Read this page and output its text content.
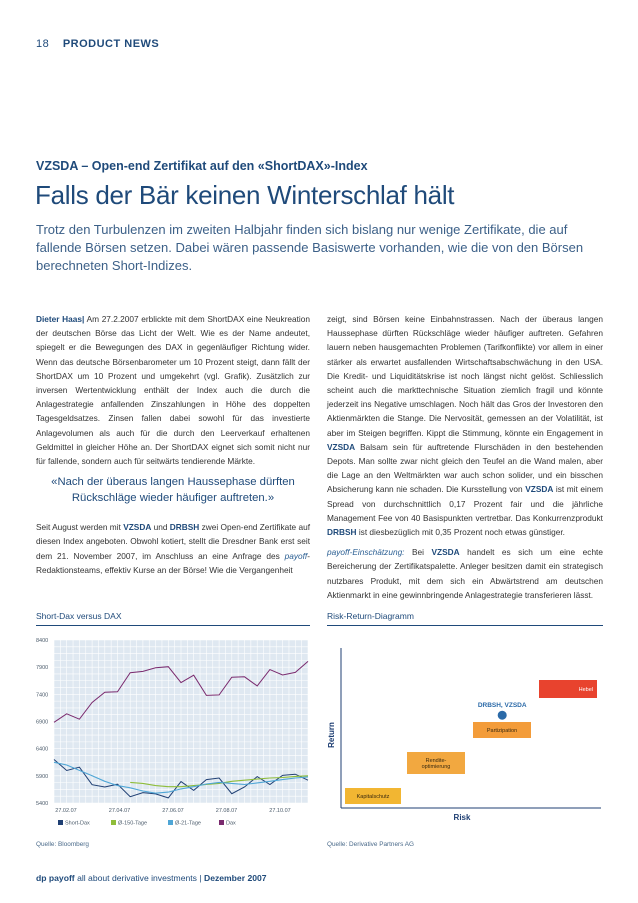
18 PRODUCT NEWS
VZSDA – Open-end Zertifikat auf den «ShortDAX»-Index
Falls der Bär keinen Winterschlaf hält
Trotz den Turbulenzen im zweiten Halbjahr finden sich bislang nur wenige Zertifikate, die auf fallende Börsen setzen. Dabei wären passende Basiswerte vorhanden, wie die von den Börsen berechneten Short-Indizes.

Dieter Haas| Am 27.2.2007 erblickte mit dem ShortDAX eine Neukreation der deutschen Börse das Licht der Welt. Wie es der Name andeutet, spiegelt er die Bewegungen des DAX in gegenläufiger Richtung wider. Wenn das deutsche Börsenbarometer um 10 Prozent steigt, dann fällt der ShortDAX um 10 Prozent und umgekehrt (vgl. Grafik). Zusätzlich zur inversen Wertentwicklung enthält der Index auch die durch die Anlagestrategie anfallenden Zinszahlungen in Höhe des doppelten Tagesgeldsatzes. Zinsen fallen dabei sowohl für das investierte Anlagevolumen als auch für die durch den Leerverkauf erhaltenen Geldmittel in gleicher Höhe an. Der ShortDAX eignet sich somit nicht nur für fallende, sondern auch für seitwärts tendierende Märkte.

«Nach der überaus langen Haussephase dürften Rückschläge wieder häufiger auftreten.»

Seit August werden mit VZSDA und DRBSH zwei Open-end Zertifikate auf diesen Index angeboten. Obwohl kotiert, stellt die Dresdner Bank erst seit dem 21. November 2007, im Anschluss an eine Anfrage des payoff-Redaktionsteams, effektiv Kurse an der Börse! Wie die Vergangenheit

zeigt, sind Börsen keine Einbahnstrassen. Nach der überaus langen Haussephase dürften Rückschläge wieder häufiger auftreten. Gefahren lauern neben hausgemachten Problemen (Tarifkonflikte) vor allem in einer stärker als erwartet ausfallenden Wirtschaftsabschwächung in den USA. Die Kredit- und Liquiditätskrise ist noch längst nicht gelöst. Schliesslich scheint auch die markttechnische Situation ziemlich fragil und könnte jederzeit ins Negative umschlagen. Noch hält das Gros der Investoren den Aktienmärkten die Stange. Die Nervosität, gemessen an der Volatilität, ist aber im Steigen begriffen. Kippt die Stimmung, könnte ein Engagement in VZSDA Balsam sein für auftretende Flurschäden in den bestehenden Depots. Man sollte zwar nicht gleich den Teufel an die Wand malen, aber die Lage an den Weltmärkten war auch schon solider, und ein bisschen Absicherung kann nie schaden. Die Kursstellung von VZSDA ist mit einem Spread von durchschnittlich 0,17 Prozent fair und die jährliche Management Fee von 40 Basispunkten vertretbar. Das Konkurrenzprodukt DRBSH ist diesbezüglich mit 0,35 Prozent noch etwas günstiger.

payoff-Einschätzung: Bei VZSDA handelt es sich um eine echte Bereicherung der Zertifikatspalette. Anleger besitzen damit ein strategisch nutzbares Produkt, mit dem sich ein Abwärtstrend am deutschen Aktienmarkt in eine gewinnbringende Anlagestrategie transferieren lässt.

Short-Dax versus DAX	Risk-Return-Diagramm
8400
7900
7400
6900
6400
5900
5400
27.02.07	27.04.07	27.06.07	27.08.07	27.10.07
Short-Dax	Ø-150-Tage	Ø-21-Tage	Dax
Risk
Return
Kapitalschutz
Rendite-optimierung
Partizipation
Hebel
DRBSH, VZSDA
Quelle: Bloomberg	Quelle: Derivative Partners AG
dp payoff all about derivative investments | Dezember 2007
